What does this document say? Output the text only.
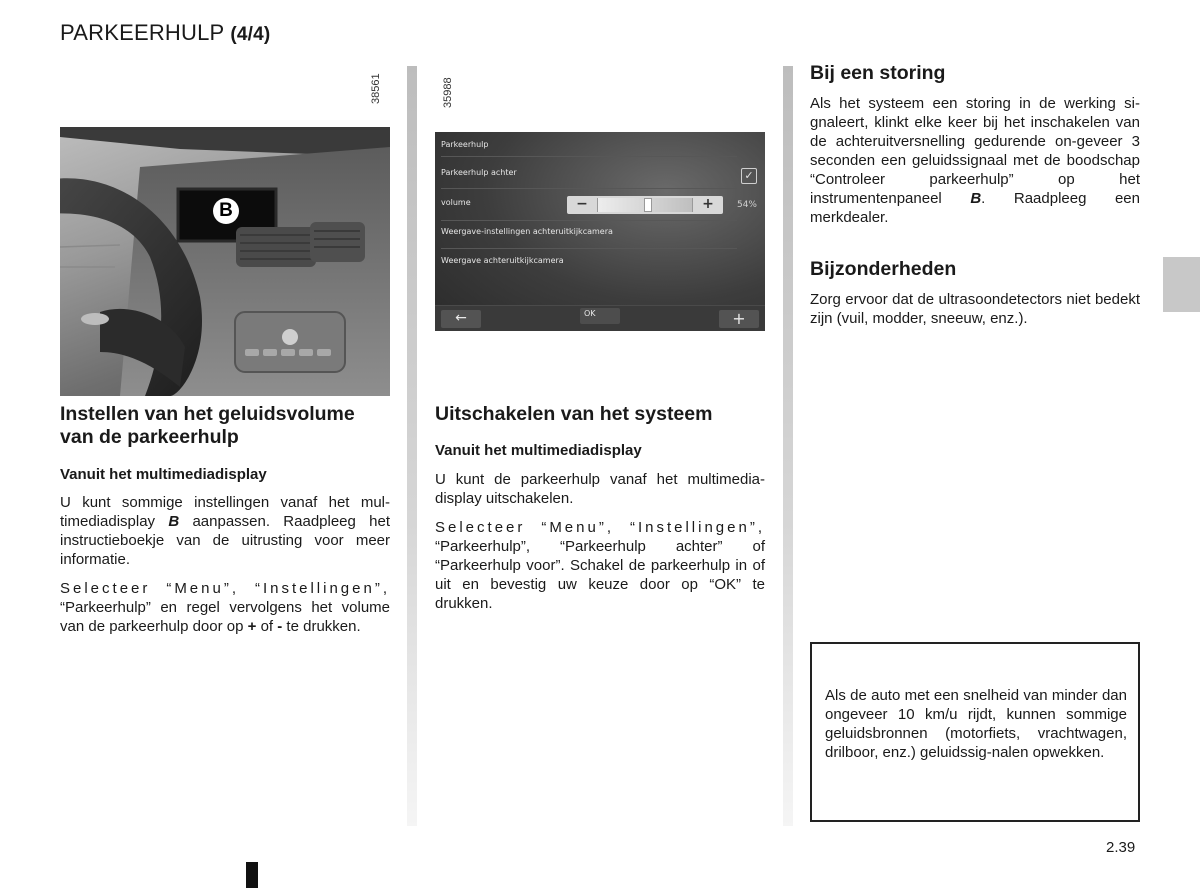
PARKEERHULP (4/4)
38561	35988
B
Parkeerhulp
Parkeerhulp achter	✓
volume	−	+	54%
Weergave-instellingen achteruitkijkcamera
Weergave achteruitkijkcamera
←	OK	+
Instellen van het geluidsvolume van de parkeerhulp
Vanuit het multimediadisplay

U kunt sommige instellingen vanaf het mul-timediadisplay B aanpassen. Raadpleeg het instructieboekje van de uitrusting voor meer informatie.

Selecteer “Menu”, “Instellingen”,
“Parkeerhulp” en regel vervolgens het volume van de parkeerhulp door op + of - te drukken.

Uitschakelen van het systeem
Vanuit het multimediadisplay

U kunt de parkeerhulp vanaf het multimedia-display uitschakelen.

Selecteer “Menu”, “Instellingen”,
“Parkeerhulp”, “Parkeerhulp achter” of “Parkeerhulp voor”. Schakel de parkeerhulp in of uit en bevestig uw keuze door op “OK” te drukken.

Bij een storing

Als het systeem een storing in de werking si-gnaleert, klinkt elke keer bij het inschakelen van de achteruitversnelling gedurende on-geveer 3 seconden een geluidssignaal met de boodschap “Controleer parkeerhulp” op het instrumentenpaneel B. Raadpleeg een merkdealer.

Bijzonderheden

Zorg ervoor dat de ultrasoondetectors niet bedekt zijn (vuil, modder, sneeuw, enz.).

Als de auto met een snelheid van minder dan ongeveer 10 km/u rijdt, kunnen sommige geluidsbronnen (motorfiets, vrachtwagen, drilboor, enz.) geluidssig-nalen opwekken.

2.39
